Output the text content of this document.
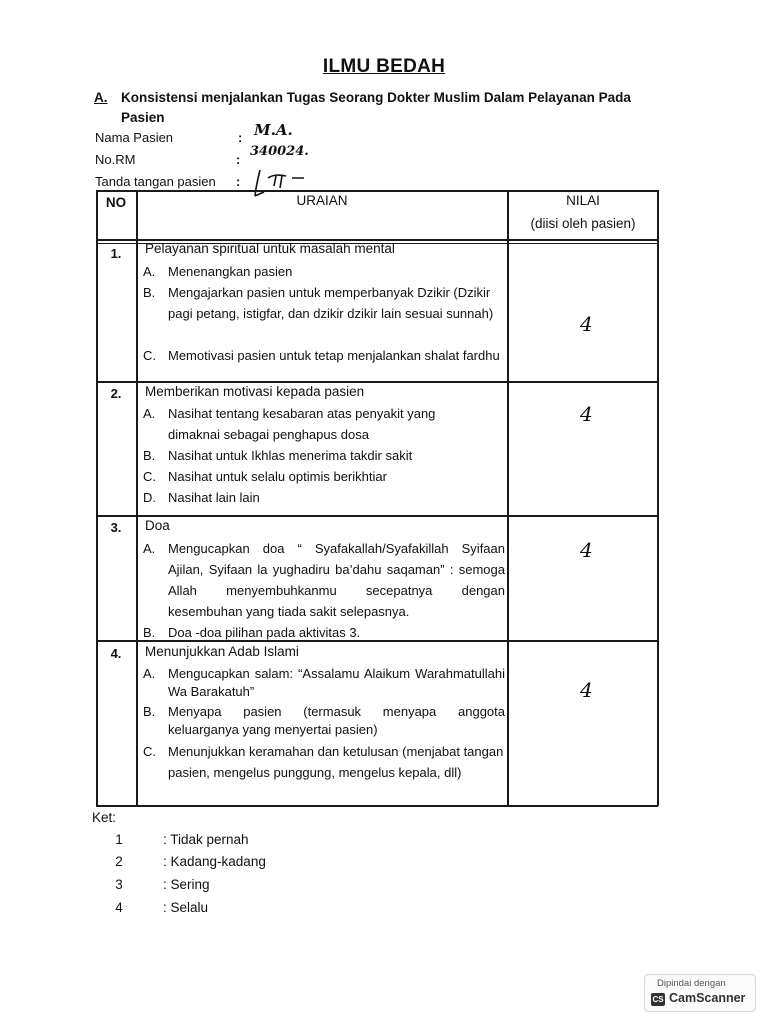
ILMU BEDAH
A. Konsistensi menjalankan Tugas Seorang Dokter Muslim Dalam Pelayanan Pada Pasien
Nama Pasien	: M.A.
No.RM	:
340024.
Tanda tangan pasien :
NO	URAIAN	NILAI
(diisi oleh pasien)
1.	Pelayanan spiritual untuk masalah mental
A. Menenangkan pasien
B. Mengajarkan pasien untuk memperbanyak Dzikir (Dzikir pagi petang, istigfar, dan dzikir dzikir lain sesuai sunnah)
C. Memotivasi pasien untuk tetap menjalankan shalat fardhu
4
2.	Memberikan motivasi kepada pasien
A. Nasihat tentang kesabaran atas penyakit yang dimaknai sebagai penghapus dosa
B. Nasihat untuk Ikhlas menerima takdir sakit
C. Nasihat untuk selalu optimis berikhtiar
D. Nasihat lain lain
4
3.	Doa
A. Mengucapkan doa “ Syafakallah/Syafakillah Syifaan Ajilan, Syifaan la yughadiru ba’dahu saqaman” : semoga Allah menyembuhkanmu secepatnya dengan kesembuhan yang tiada sakit selepasnya.
B. Doa -doa pilihan pada aktivitas 3.
4
4.	Menunjukkan Adab Islami
A. Mengucapkan salam: “Assalamu Alaikum Warahmatullahi Wa Barakatuh”
B. Menyapa pasien (termasuk menyapa anggota keluarganya yang menyertai pasien)
C. Menunjukkan keramahan dan ketulusan (menjabat tangan pasien, mengelus punggung, mengelus kepala, dll)
4
Ket:
1	: Tidak pernah
2	: Kadang-kadang
3	: Sering
4	: Selalu
Dipindai dengan
CS CamScanner
